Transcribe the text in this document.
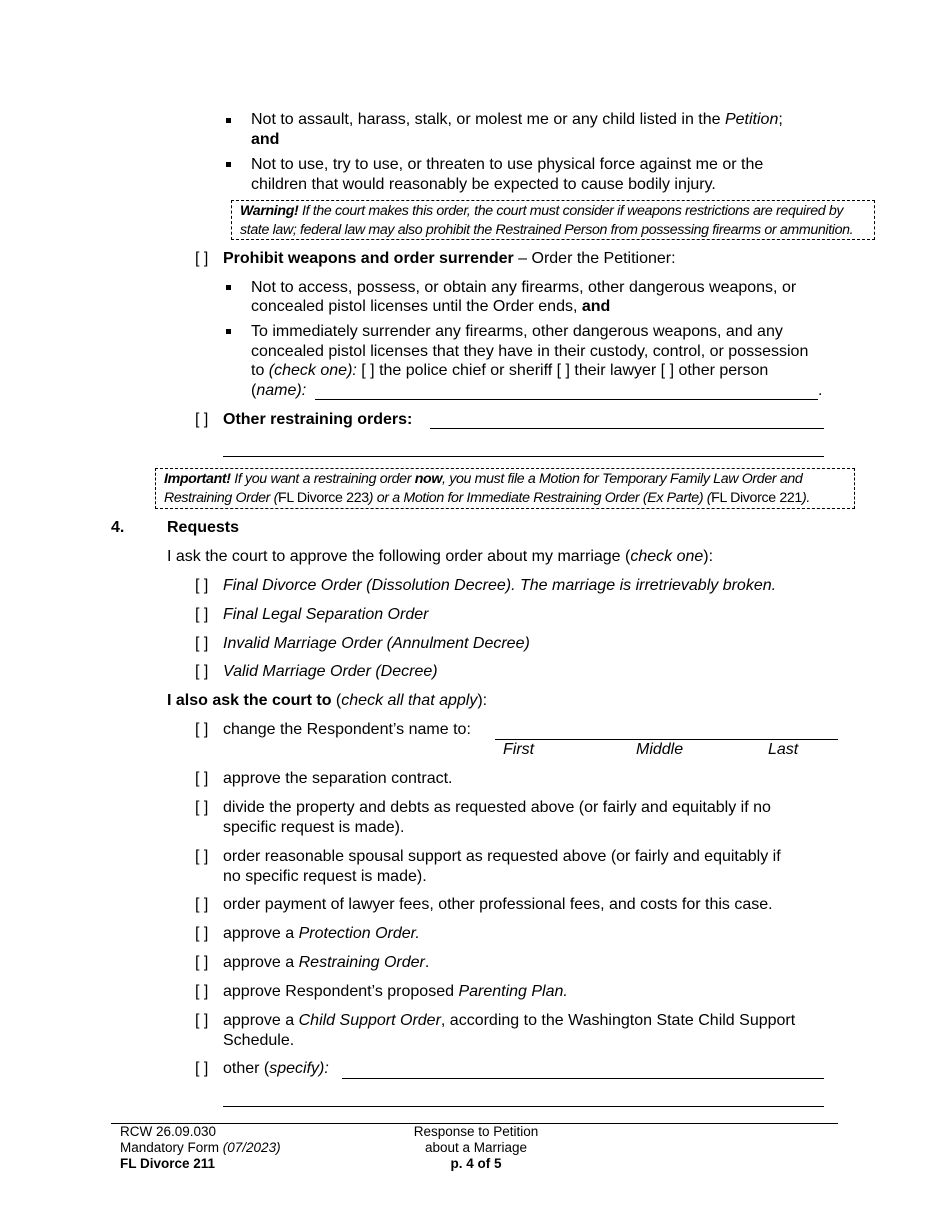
Not to assault, harass, stalk, or molest me or any child listed in the Petition;
and
Not to use, try to use, or threaten to use physical force against me or the
children that would reasonably be expected to cause bodily injury.
Warning! If the court makes this order, the court must consider if weapons restrictions are required by
state law; federal law may also prohibit the Restrained Person from possessing firearms or ammunition.
[ ] Prohibit weapons and order surrender – Order the Petitioner:
Not to access, possess, or obtain any firearms, other dangerous weapons, or
concealed pistol licenses until the Order ends, and
To immediately surrender any firearms, other dangerous weapons, and any
concealed pistol licenses that they have in their custody, control, or possession
to (check one): [ ] the police chief or sheriff [ ] their lawyer [ ] other person
(name):	.
[ ] Other restraining orders:
Important! If you want a restraining order now, you must file a Motion for Temporary Family Law Order and
Restraining Order (FL Divorce 223) or a Motion for Immediate Restraining Order (Ex Parte) (FL Divorce 221).
4.	Requests
I ask the court to approve the following order about my marriage (check one):
[ ] Final Divorce Order (Dissolution Decree). The marriage is irretrievably broken.
[ ] Final Legal Separation Order
[ ] Invalid Marriage Order (Annulment Decree)
[ ] Valid Marriage Order (Decree)
I also ask the court to (check all that apply):
[ ] change the Respondent’s name to:
First	Middle	Last
[ ] approve the separation contract.
[ ] divide the property and debts as requested above (or fairly and equitably if no
specific request is made).
[ ] order reasonable spousal support as requested above (or fairly and equitably if
no specific request is made).
[ ] order payment of lawyer fees, other professional fees, and costs for this case.
[ ] approve a Protection Order.
[ ] approve a Restraining Order.
[ ] approve Respondent’s proposed Parenting Plan.
[ ] approve a Child Support Order, according to the Washington State Child Support
Schedule.
[ ] other (specify):
RCW 26.09.030
Mandatory Form (07/2023)
FL Divorce 211
Response to Petition
about a Marriage
p. 4 of 5
